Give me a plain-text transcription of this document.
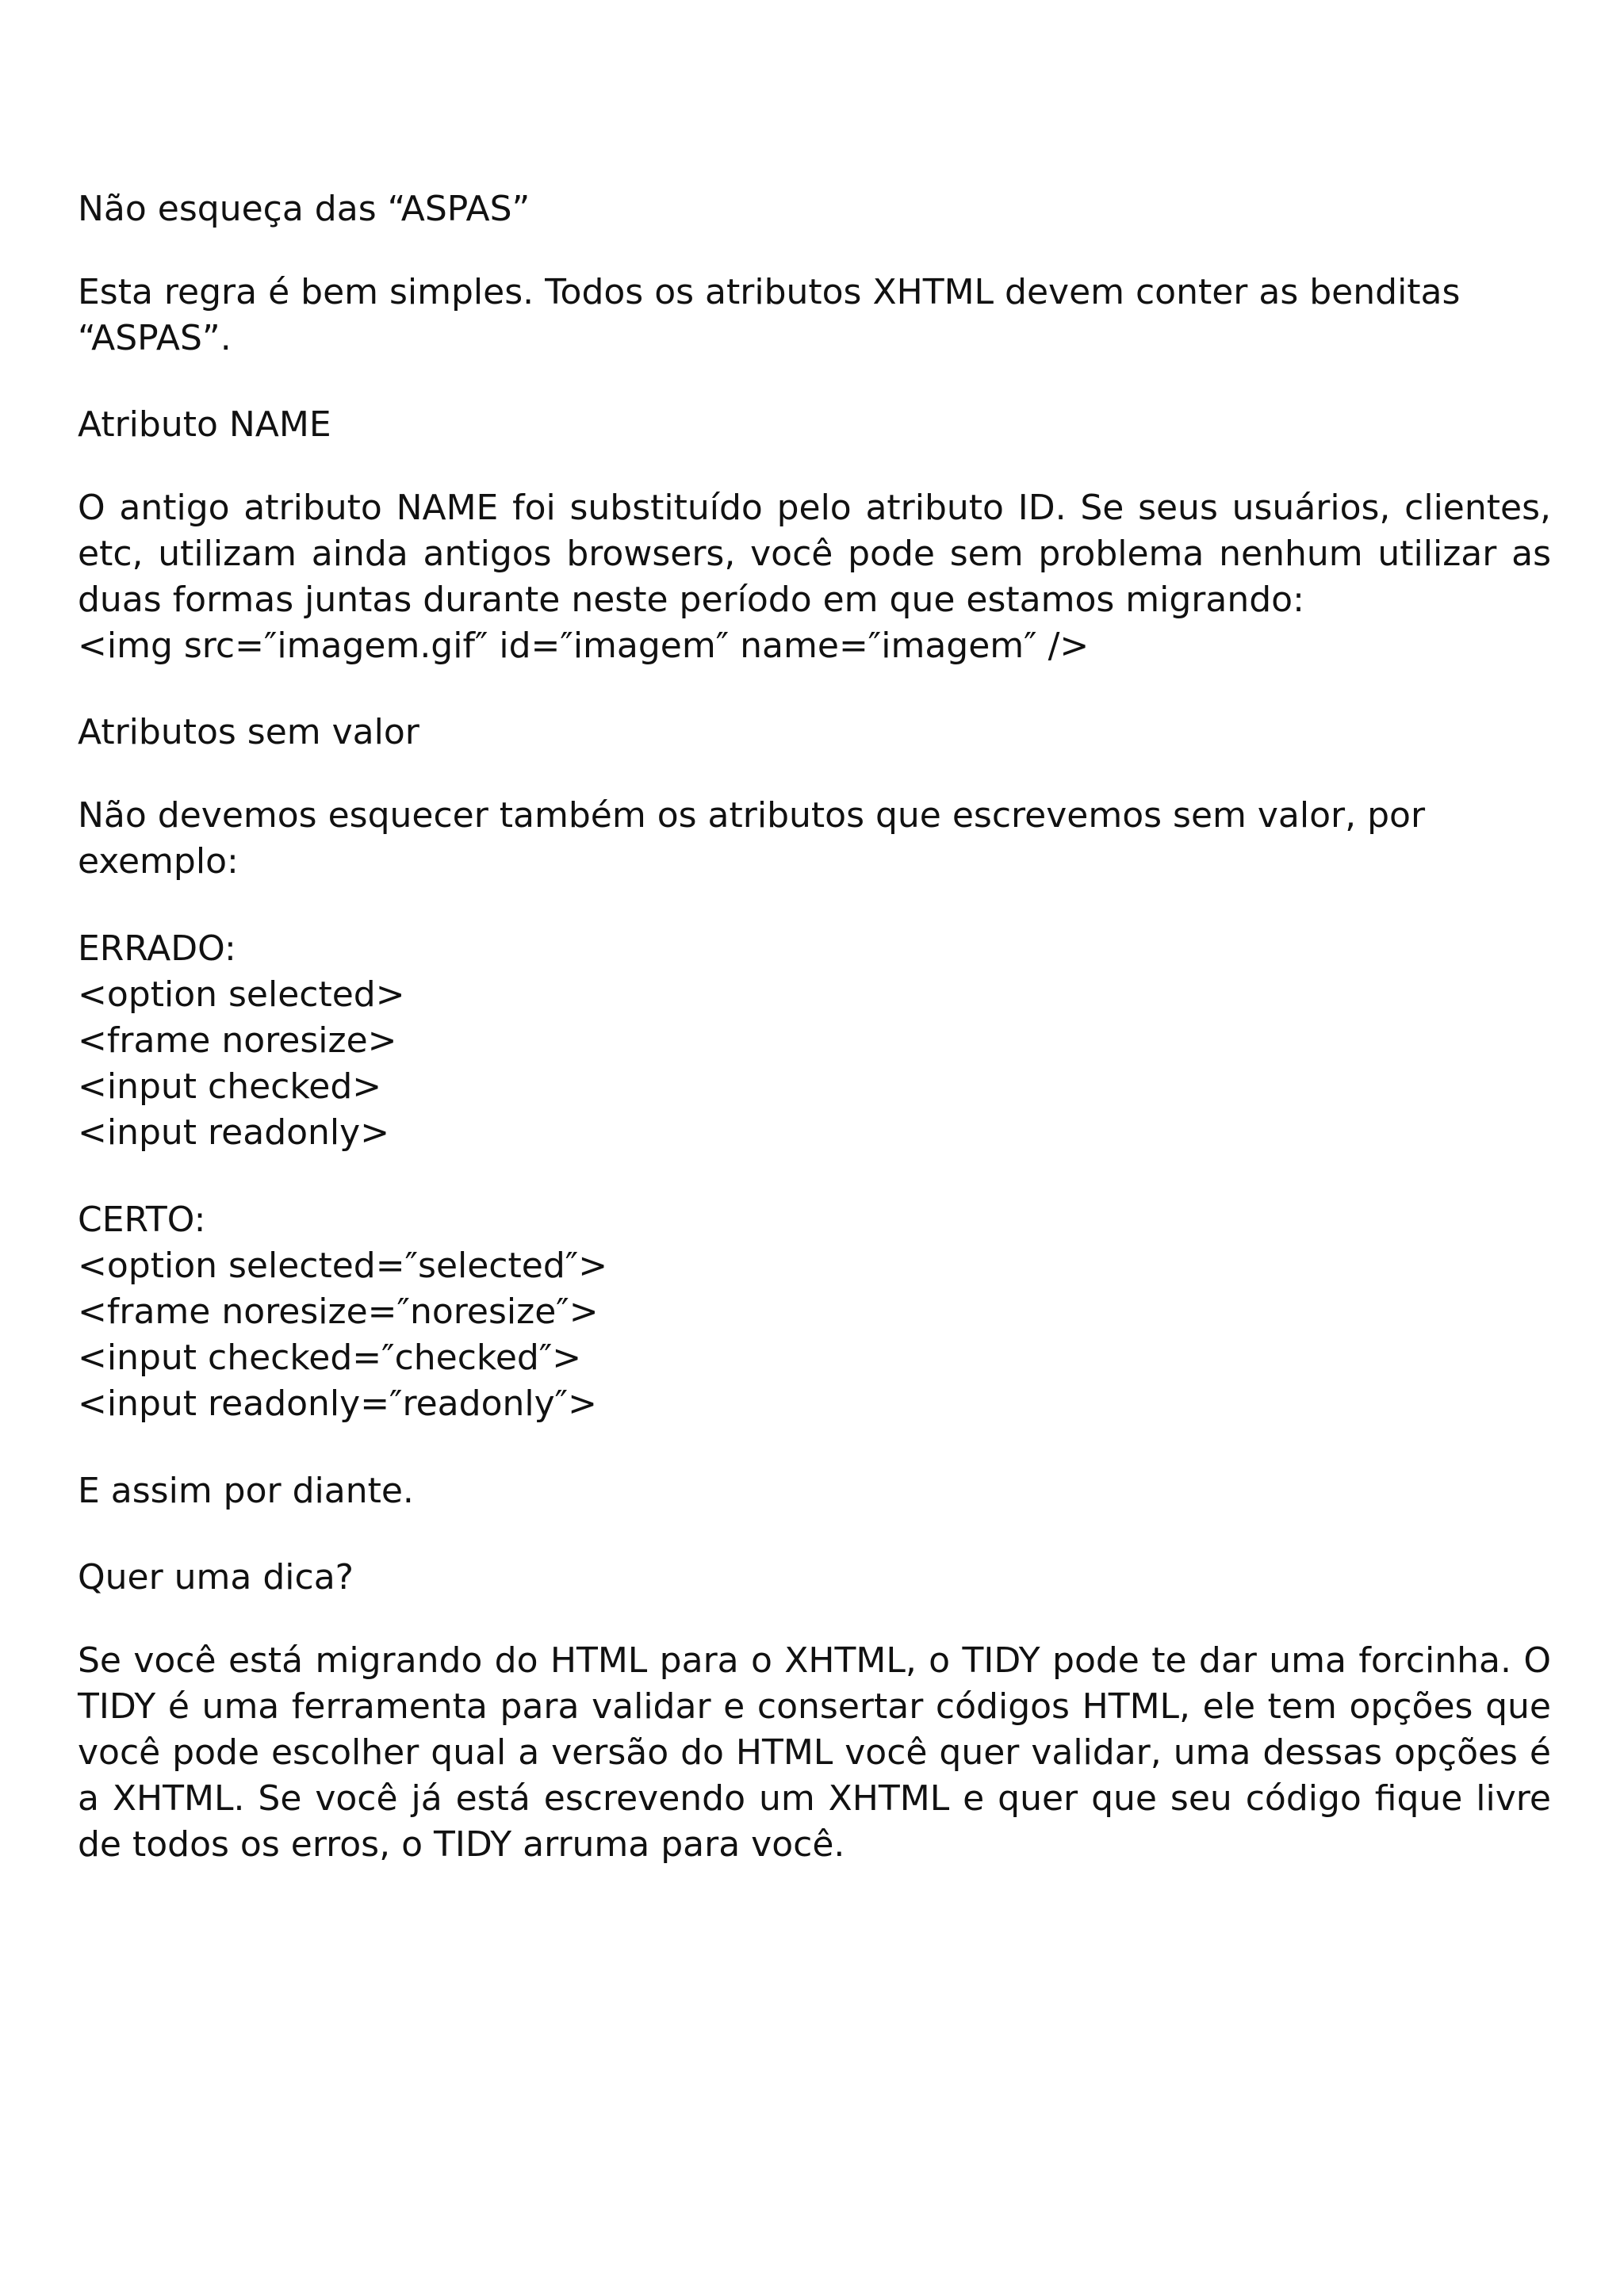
Não esqueça das “ASPAS”

Esta regra é bem simples. Todos os atributos XHTML devem conter as benditas
“ASPAS”.

Atributo NAME

O antigo atributo NAME foi substituído pelo atributo ID. Se seus usuários, clientes, etc, utilizam ainda antigos browsers, você pode sem problema nenhum utilizar as duas formas juntas durante neste período em que estamos migrando:
<img src=″imagem.gif″ id=″imagem″ name=″imagem″ />

Atributos sem valor

Não devemos esquecer também os atributos que escrevemos sem valor, por exemplo:

ERRADO:
<option selected>
<frame noresize>
<input checked>
<input readonly>

CERTO:
<option selected=″selected″>
<frame noresize=″noresize″>
<input checked=″checked″>
<input readonly=″readonly″>

E assim por diante.

Quer uma dica?

Se você está migrando do HTML para o XHTML, o TIDY pode te dar uma forcinha. O TIDY é uma ferramenta para validar e consertar códigos HTML, ele tem opções que você pode escolher qual a versão do HTML você quer validar, uma dessas opções é a XHTML. Se você já está escrevendo um XHTML e quer que seu código fique livre de todos os erros, o TIDY arruma para você.
